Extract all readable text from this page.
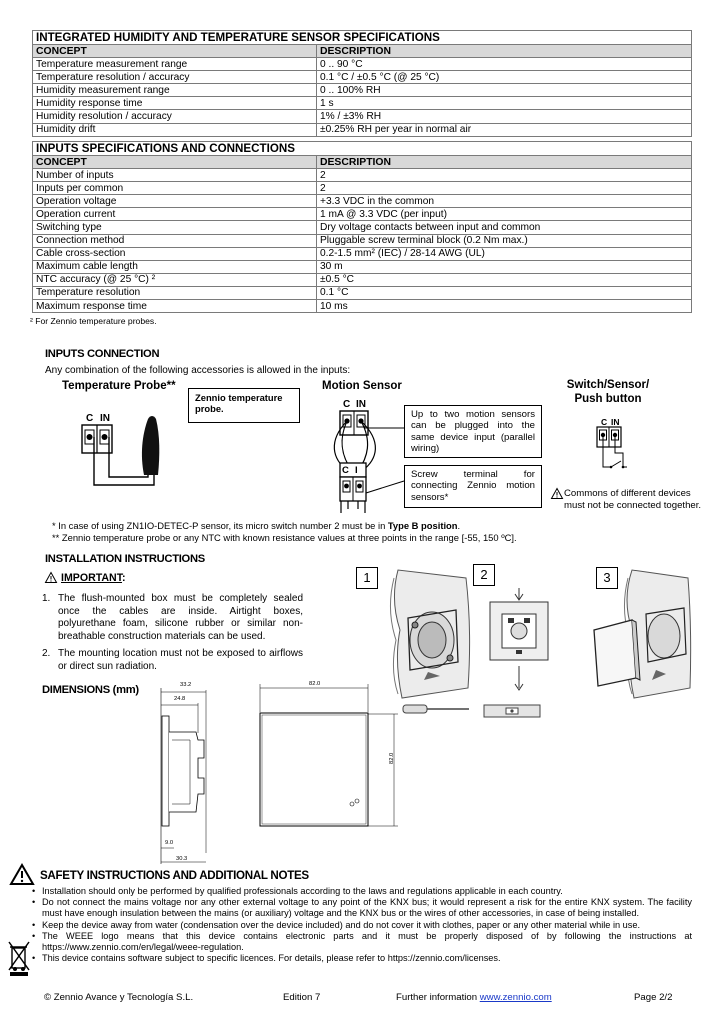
INTEGRATED HUMIDITY AND TEMPERATURE SENSOR SPECIFICATIONS	
CONCEPT	DESCRIPTION
Temperature measurement range	0 .. 90 °C
Temperature resolution / accuracy	0.1 °C / ±0.5 °C (@ 25 °C)
Humidity measurement range	0 .. 100% RH
Humidity response time	1 s
Humidity resolution / accuracy	1% / ±3% RH
Humidity drift	±0.25% RH per year in normal air
INPUTS SPECIFICATIONS AND CONNECTIONS	
CONCEPT	DESCRIPTION
Number of inputs	2
Inputs per common	2
Operation voltage	+3.3 VDC in the common
Operation current	1 mA @ 3.3 VDC (per input)
Switching type	Dry voltage contacts between input and common
Connection method	Pluggable screw terminal block (0.2 Nm max.)
Cable cross-section	0.2-1.5 mm² (IEC) / 28-14 AWG (UL)
Maximum cable length	30 m
NTC accuracy (@ 25 °C) ²	±0.5 °C
Temperature resolution	0.1 °C
Maximum response time	10 ms
² For Zennio temperature probes.
INPUTS CONNECTION
Any combination of the following accessories is allowed in the inputs:
Temperature Probe**
Zennio temperature probe.
C IN
Motion Sensor
C IN
C I
Up to two motion sensors can be plugged into the same device input (parallel wiring)
Screw terminal for connecting Zennio motion sensors*
Switch/Sensor/
Push button
C IN
Commons of different devices
must not be connected together.
* In case of using ZN1IO-DETEC-P sensor, its micro switch number 2 must be in Type B position.
** Zennio temperature probe or any NTC with known resistance values at three points in the range [-55, 150 ºC].
INSTALLATION INSTRUCTIONS
IMPORTANT:
1. The flush-mounted box must be completely sealed once the cables are inside. Airtight boxes, polyurethane foam, silicone rubber or similar non-breathable construction materials can be used.
2. The mounting location must not be exposed to airflows or direct sun radiation.
1	2	3
DIMENSIONS (mm)	33.2
24.8
9.0
30.3
82.0
82.0
SAFETY INSTRUCTIONS AND ADDITIONAL NOTES
• Installation should only be performed by qualified professionals according to the laws and regulations applicable in each country.
• Do not connect the mains voltage nor any other external voltage to any point of the KNX bus; it would represent a risk for the entire KNX system. The facility must have enough insulation between the mains (or auxiliary) voltage and the KNX bus or the wires of other accessories, in case of being installed.
• Keep the device away from water (condensation over the device included) and do not cover it with clothes, paper or any other material while in use.
• The WEEE logo means that this device contains electronic parts and it must be properly disposed of by following the instructions at https://www.zennio.com/en/legal/weee-regulation.
• This device contains software subject to specific licences. For details, please refer to https://zennio.com/licenses.
© Zennio Avance y Tecnología S.L.	Edition 7	Further information www.zennio.com	Page 2/2
